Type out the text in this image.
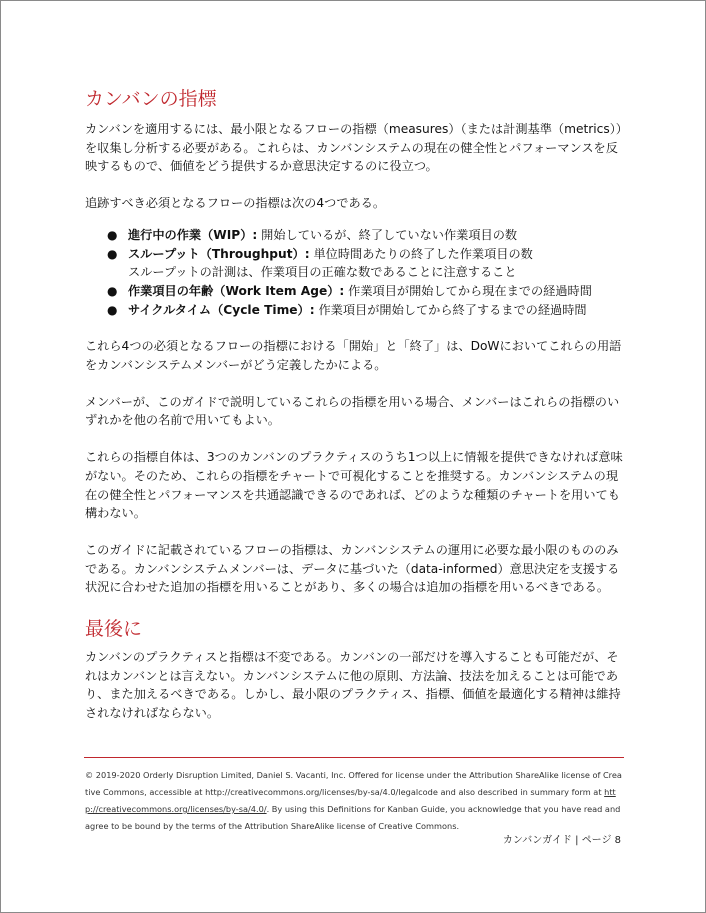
カンバンの指標

カンバンを適用するには、最小限となるフローの指標（measures）（または計測基準（metrics））を収集し分析する必要がある。これらは、カンバンシステムの現在の健全性とパフォーマンスを反映するもので、価値をどう提供するか意思決定するのに役立つ。

追跡すべき必須となるフローの指標は次の4つである。

● 進行中の作業（WIP）: 開始しているが、終了していない作業項目の数
● スループット（Throughput）: 単位時間あたりの終了した作業項目の数
スループットの計測は、作業項目の正確な数であることに注意すること
● 作業項目の年齢（Work Item Age）: 作業項目が開始してから現在までの経過時間
● サイクルタイム（Cycle Time）: 作業項目が開始してから終了するまでの経過時間

これら4つの必須となるフローの指標における「開始」と「終了」は、DoWにおいてこれらの用語をカンバンシステムメンバーがどう定義したかによる。

メンバーが、このガイドで説明しているこれらの指標を用いる場合、メンバーはこれらの指標のいずれかを他の名前で用いてもよい。

これらの指標自体は、3つのカンバンのプラクティスのうち1つ以上に情報を提供できなければ意味がない。そのため、これらの指標をチャートで可視化することを推奨する。カンバンシステムの現在の健全性とパフォーマンスを共通認識できるのであれば、どのような種類のチャートを用いても構わない。

このガイドに記載されているフローの指標は、カンバンシステムの運用に必要な最小限のもののみである。カンバンシステムメンバーは、データに基づいた（data-informed）意思決定を支援する状況に合わせた追加の指標を用いることがあり、多くの場合は追加の指標を用いるべきである。

最後に

カンバンのプラクティスと指標は不変である。カンバンの一部だけを導入することも可能だが、それはカンバンとは言えない。カンバンシステムに他の原則、方法論、技法を加えることは可能であり、また加えるべきである。しかし、最小限のプラクティス、指標、価値を最適化する精神は維持されなければならない。

© 2019-2020 Orderly Disruption Limited, Daniel S. Vacanti, Inc. Offered for license under the Attribution ShareAlike license of Creative Commons, accessible at http://creativecommons.org/licenses/by-sa/4.0/legalcode and also described in summary form at http://creativecommons.org/licenses/by-sa/4.0/. By using this Definitions for Kanban Guide, you acknowledge that you have read and agree to be bound by the terms of the Attribution ShareAlike license of Creative Commons.
カンバンガイド | ページ 8
